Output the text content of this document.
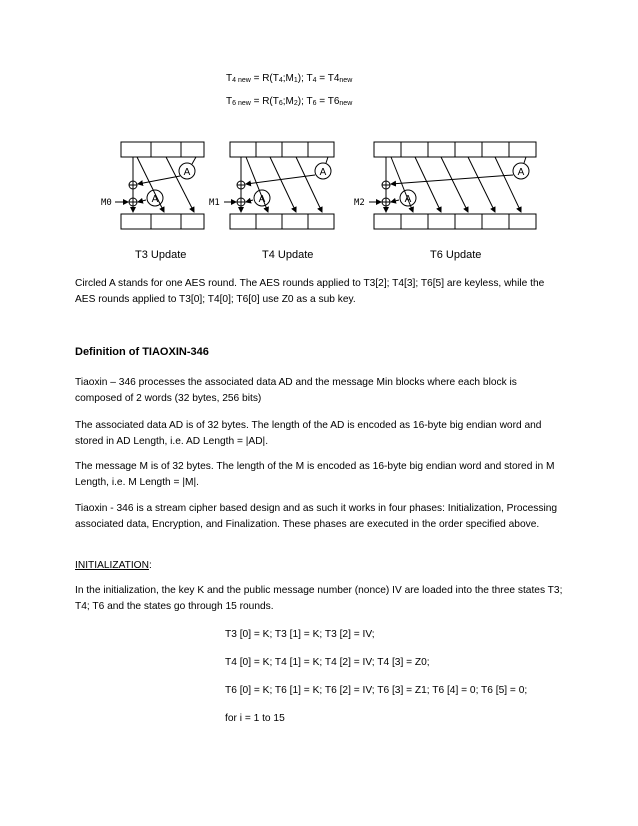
$T_{4 new}$ = $R(T_4;M_1)$; $T_4 = T4_{new}$
$T_{6 new}$ = $R(T_6;M_2)$; $T_6 = T6_{new}$
A
A
A
A
A
A
M0	M1	M2
T3 Update	T4 Update	T6 Update
Circled A stands for one AES round. The AES rounds applied to T3[2]; T4[3]; T6[5] are keyless, while the AES rounds applied to T3[0]; T4[0]; T6[0] use Z0 as a sub key.
Definition of TIAOXIN-346
Tiaoxin – 346 processes the associated data AD and the message Min blocks where each block is composed of 2 words (32 bytes, 256 bits)
The associated data AD is of 32 bytes. The length of the AD is encoded as 16-byte big endian word and stored in AD Length, i.e. AD Length = |AD|.
The message M is of 32 bytes. The length of the M is encoded as 16-byte big endian word and stored in M Length, i.e. M Length = |M|.
Tiaoxin - 346 is a stream cipher based design and as such it works in four phases: Initialization, Processing associated data, Encryption, and Finalization. These phases are executed in the order specified above.
INITIALIZATION:
In the initialization, the key K and the public message number (nonce) IV are loaded into the three states T3; T4; T6 and the states go through 15 rounds.
T3 [0] = K; T3 [1] = K; T3 [2] = IV;
T4 [0] = K; T4 [1] = K; T4 [2] = IV; T4 [3] = Z0;
T6 [0] = K; T6 [1] = K; T6 [2] = IV; T6 [3] = Z1; T6 [4] = 0; T6 [5] = 0;
for i = 1 to 15
